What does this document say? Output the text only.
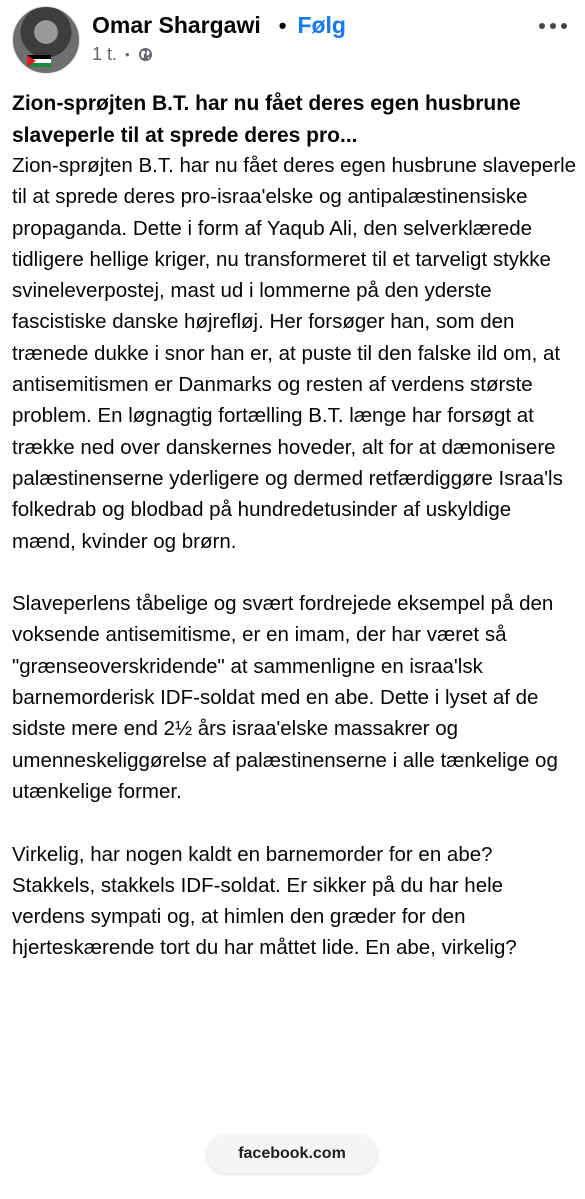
Omar Shargawi • Følg
1 t. •
Zion-sprøjten B.T. har nu fået deres egen husbrune slaveperle til at sprede deres pro...

Zion-sprøjten B.T. har nu fået deres egen husbrune slaveperle til at sprede deres pro-israa'elske og antipalæstinensiske propaganda. Dette i form af Yaqub Ali, den selverklærede tidligere hellige kriger, nu transformeret til et tarveligt stykke svineleverpostej, mast ud i lommerne på den yderste fascistiske danske højrefløj. Her forsøger han, som den trænede dukke i snor han er, at puste til den falske ild om, at antisemitismen er Danmarks og resten af verdens største problem. En løgnagtig fortælling B.T. længe har forsøgt at trække ned over danskernes hoveder, alt for at dæmonisere palæstinenserne yderligere og dermed retfærdiggøre Israa'ls folkedrab og blodbad på hundredetusinder af uskyldige mænd, kvinder og brørn.

Slaveperlens tåbelige og svært fordrejede eksempel på den voksende antisemitisme, er en imam, der har været så "grænseoverskridende" at sammenligne en israa'lsk barnemorderisk IDF-soldat med en abe. Dette i lyset af de sidste mere end 2½ års israa'elske massakrer og umenneskeliggørelse af palæstinenserne i alle tænkelige og utænkelige former.

Virkelig, har nogen kaldt en barnemorder for en abe? Stakkels, stakkels IDF-soldat. Er sikker på du har hele verdens sympati og, at himlen den græder for den hjerteskærende tort du har måttet lide. En abe, virkelig?

facebook.com
